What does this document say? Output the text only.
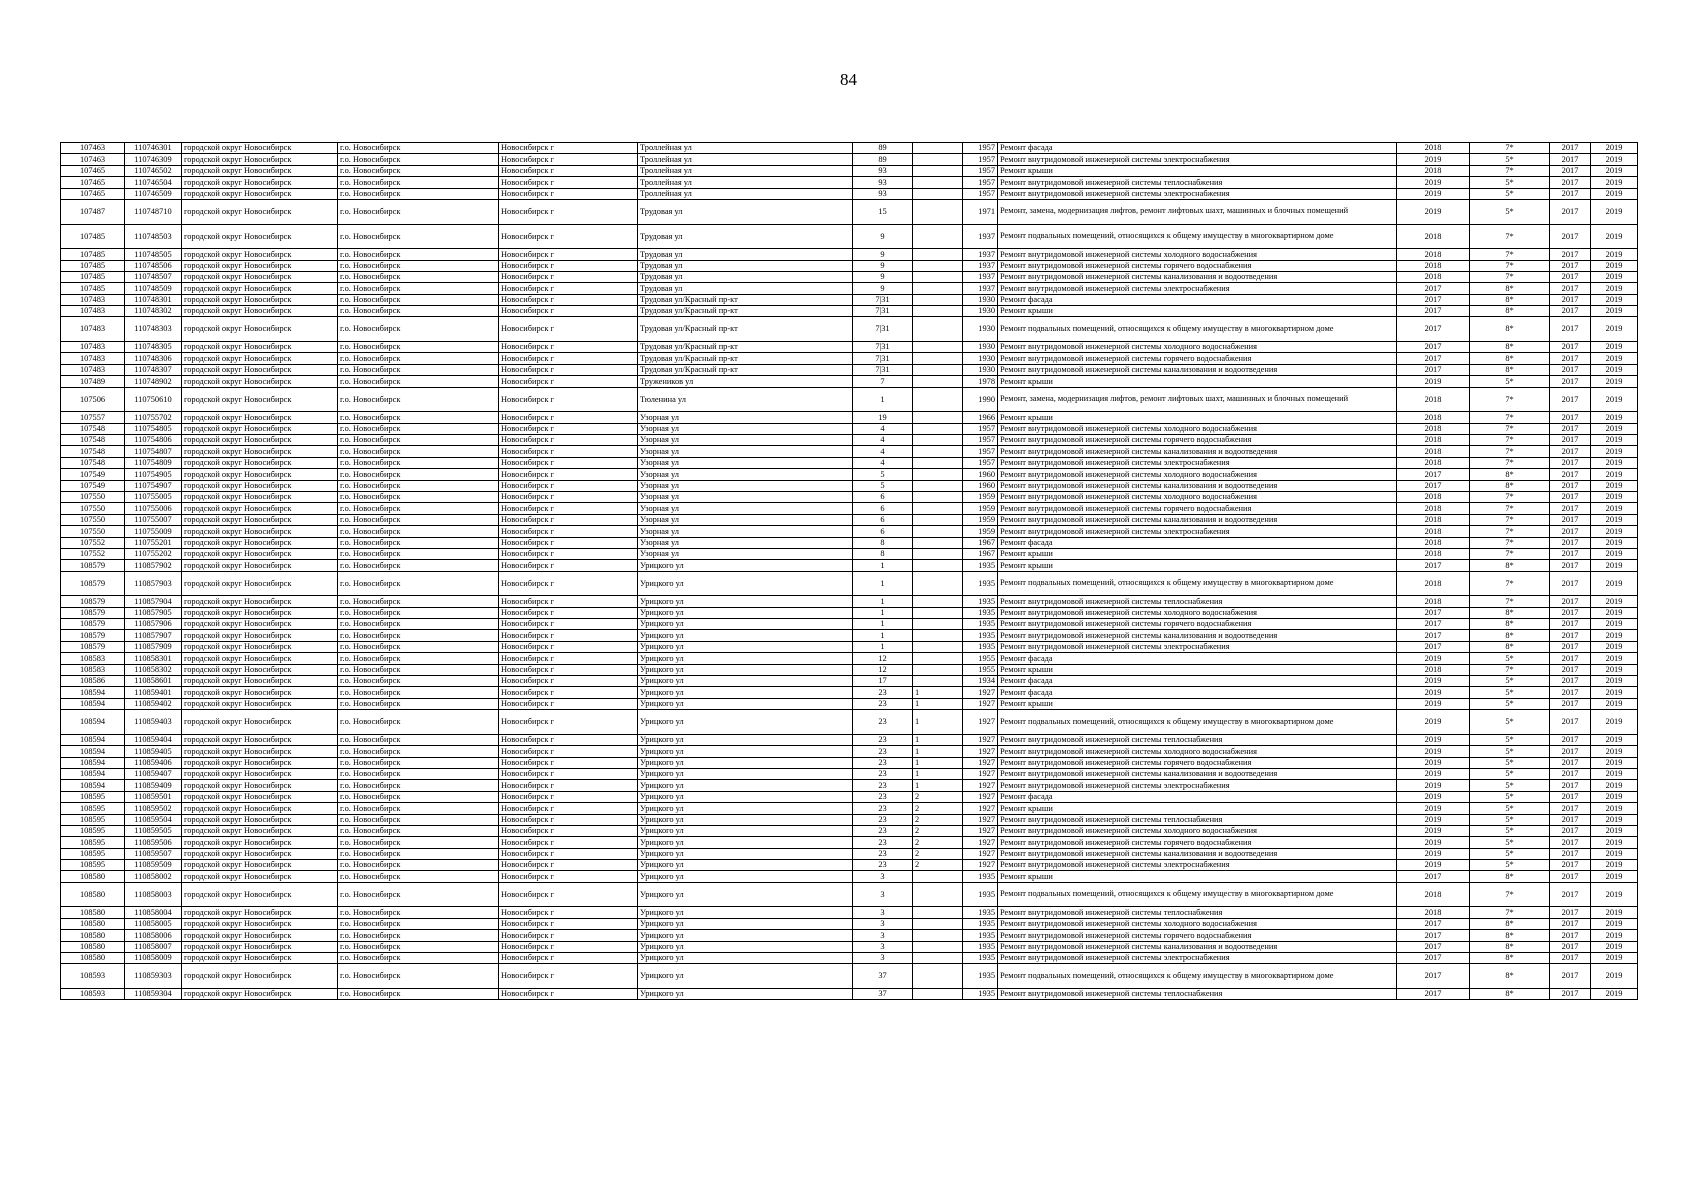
84
107463	110746301	городской округ Новосибирск	г.о. Новосибирск	Новосибирск г	Троллейная ул	89		1957	Ремонт фасада	2018	7*	2017	2019
107463	110746309	городской округ Новосибирск	г.о. Новосибирск	Новосибирск г	Троллейная ул	89		1957	Ремонт внутридомовой инженерной системы электроснабжения	2019	5*	2017	2019
107465	110746502	городской округ Новосибирск	г.о. Новосибирск	Новосибирск г	Троллейная ул	93		1957	Ремонт крыши	2018	7*	2017	2019
107465	110746504	городской округ Новосибирск	г.о. Новосибирск	Новосибирск г	Троллейная ул	93		1957	Ремонт внутридомовой инженерной системы теплоснабжения	2019	5*	2017	2019
107465	110746509	городской округ Новосибирск	г.о. Новосибирск	Новосибирск г	Троллейная ул	93		1957	Ремонт внутридомовой инженерной системы электроснабжения	2019	5*	2017	2019
107487	110748710	городской округ Новосибирск	г.о. Новосибирск	Новосибирск г	Трудовая ул	15		1971	Ремонт, замена, модернизация лифтов, ремонт лифтовых шахт, машинных и блочных помещений	2019	5*	2017	2019
107485	110748503	городской округ Новосибирск	г.о. Новосибирск	Новосибирск г	Трудовая ул	9		1937	Ремонт подвальных помещений, относящихся к общему имуществу в многоквартирном доме	2018	7*	2017	2019
107485	110748505	городской округ Новосибирск	г.о. Новосибирск	Новосибирск г	Трудовая ул	9		1937	Ремонт внутридомовой инженерной системы холодного водоснабжения	2018	7*	2017	2019
107485	110748506	городской округ Новосибирск	г.о. Новосибирск	Новосибирск г	Трудовая ул	9		1937	Ремонт внутридомовой инженерной системы горячего водоснабжения	2018	7*	2017	2019
107485	110748507	городской округ Новосибирск	г.о. Новосибирск	Новосибирск г	Трудовая ул	9		1937	Ремонт внутридомовой инженерной системы канализования и водоотведения	2018	7*	2017	2019
107485	110748509	городской округ Новосибирск	г.о. Новосибирск	Новосибирск г	Трудовая ул	9		1937	Ремонт внутридомовой инженерной системы электроснабжения	2017	8*	2017	2019
107483	110748301	городской округ Новосибирск	г.о. Новосибирск	Новосибирск г	Трудовая ул/Красный пр-кт	7|31		1930	Ремонт фасада	2017	8*	2017	2019
107483	110748302	городской округ Новосибирск	г.о. Новосибирск	Новосибирск г	Трудовая ул/Красный пр-кт	7|31		1930	Ремонт крыши	2017	8*	2017	2019
107483	110748303	городской округ Новосибирск	г.о. Новосибирск	Новосибирск г	Трудовая ул/Красный пр-кт	7|31		1930	Ремонт подвальных помещений, относящихся к общему имуществу в многоквартирном доме	2017	8*	2017	2019
107483	110748305	городской округ Новосибирск	г.о. Новосибирск	Новосибирск г	Трудовая ул/Красный пр-кт	7|31		1930	Ремонт внутридомовой инженерной системы холодного водоснабжения	2017	8*	2017	2019
107483	110748306	городской округ Новосибирск	г.о. Новосибирск	Новосибирск г	Трудовая ул/Красный пр-кт	7|31		1930	Ремонт внутридомовой инженерной системы горячего водоснабжения	2017	8*	2017	2019
107483	110748307	городской округ Новосибирск	г.о. Новосибирск	Новосибирск г	Трудовая ул/Красный пр-кт	7|31		1930	Ремонт внутридомовой инженерной системы канализования и водоотведения	2017	8*	2017	2019
107489	110748902	городской округ Новосибирск	г.о. Новосибирск	Новосибирск г	Тружеников ул	7		1978	Ремонт крыши	2019	5*	2017	2019
107506	110750610	городской округ Новосибирск	г.о. Новосибирск	Новосибирск г	Тюленина ул	1		1990	Ремонт, замена, модернизация лифтов, ремонт лифтовых шахт, машинных и блочных помещений	2018	7*	2017	2019
107557	110755702	городской округ Новосибирск	г.о. Новосибирск	Новосибирск г	Узорная ул	19		1966	Ремонт крыши	2018	7*	2017	2019
107548	110754805	городской округ Новосибирск	г.о. Новосибирск	Новосибирск г	Узорная ул	4		1957	Ремонт внутридомовой инженерной системы холодного водоснабжения	2018	7*	2017	2019
107548	110754806	городской округ Новосибирск	г.о. Новосибирск	Новосибирск г	Узорная ул	4		1957	Ремонт внутридомовой инженерной системы горячего водоснабжения	2018	7*	2017	2019
107548	110754807	городской округ Новосибирск	г.о. Новосибирск	Новосибирск г	Узорная ул	4		1957	Ремонт внутридомовой инженерной системы канализования и водоотведения	2018	7*	2017	2019
107548	110754809	городской округ Новосибирск	г.о. Новосибирск	Новосибирск г	Узорная ул	4		1957	Ремонт внутридомовой инженерной системы электроснабжения	2018	7*	2017	2019
107549	110754905	городской округ Новосибирск	г.о. Новосибирск	Новосибирск г	Узорная ул	5		1960	Ремонт внутридомовой инженерной системы холодного водоснабжения	2017	8*	2017	2019
107549	110754907	городской округ Новосибирск	г.о. Новосибирск	Новосибирск г	Узорная ул	5		1960	Ремонт внутридомовой инженерной системы канализования и водоотведения	2017	8*	2017	2019
107550	110755005	городской округ Новосибирск	г.о. Новосибирск	Новосибирск г	Узорная ул	6		1959	Ремонт внутридомовой инженерной системы холодного водоснабжения	2018	7*	2017	2019
107550	110755006	городской округ Новосибирск	г.о. Новосибирск	Новосибирск г	Узорная ул	6		1959	Ремонт внутридомовой инженерной системы горячего водоснабжения	2018	7*	2017	2019
107550	110755007	городской округ Новосибирск	г.о. Новосибирск	Новосибирск г	Узорная ул	6		1959	Ремонт внутридомовой инженерной системы канализования и водоотведения	2018	7*	2017	2019
107550	110755009	городской округ Новосибирск	г.о. Новосибирск	Новосибирск г	Узорная ул	6		1959	Ремонт внутридомовой инженерной системы электроснабжения	2018	7*	2017	2019
107552	110755201	городской округ Новосибирск	г.о. Новосибирск	Новосибирск г	Узорная ул	8		1967	Ремонт фасада	2018	7*	2017	2019
107552	110755202	городской округ Новосибирск	г.о. Новосибирск	Новосибирск г	Узорная ул	8		1967	Ремонт крыши	2018	7*	2017	2019
108579	110857902	городской округ Новосибирск	г.о. Новосибирск	Новосибирск г	Урицкого ул	1		1935	Ремонт крыши	2017	8*	2017	2019
108579	110857903	городской округ Новосибирск	г.о. Новосибирск	Новосибирск г	Урицкого ул	1		1935	Ремонт подвальных помещений, относящихся к общему имуществу в многоквартирном доме	2018	7*	2017	2019
108579	110857904	городской округ Новосибирск	г.о. Новосибирск	Новосибирск г	Урицкого ул	1		1935	Ремонт внутридомовой инженерной системы теплоснабжения	2018	7*	2017	2019
108579	110857905	городской округ Новосибирск	г.о. Новосибирск	Новосибирск г	Урицкого ул	1		1935	Ремонт внутридомовой инженерной системы холодного водоснабжения	2017	8*	2017	2019
108579	110857906	городской округ Новосибирск	г.о. Новосибирск	Новосибирск г	Урицкого ул	1		1935	Ремонт внутридомовой инженерной системы горячего водоснабжения	2017	8*	2017	2019
108579	110857907	городской округ Новосибирск	г.о. Новосибирск	Новосибирск г	Урицкого ул	1		1935	Ремонт внутридомовой инженерной системы канализования и водоотведения	2017	8*	2017	2019
108579	110857909	городской округ Новосибирск	г.о. Новосибирск	Новосибирск г	Урицкого ул	1		1935	Ремонт внутридомовой инженерной системы электроснабжения	2017	8*	2017	2019
108583	110858301	городской округ Новосибирск	г.о. Новосибирск	Новосибирск г	Урицкого ул	12		1955	Ремонт фасада	2019	5*	2017	2019
108583	110858302	городской округ Новосибирск	г.о. Новосибирск	Новосибирск г	Урицкого ул	12		1955	Ремонт крыши	2018	7*	2017	2019
108586	110858601	городской округ Новосибирск	г.о. Новосибирск	Новосибирск г	Урицкого ул	17		1934	Ремонт фасада	2019	5*	2017	2019
108594	110859401	городской округ Новосибирск	г.о. Новосибирск	Новосибирск г	Урицкого ул	23	1	1927	Ремонт фасада	2019	5*	2017	2019
108594	110859402	городской округ Новосибирск	г.о. Новосибирск	Новосибирск г	Урицкого ул	23	1	1927	Ремонт крыши	2019	5*	2017	2019
108594	110859403	городской округ Новосибирск	г.о. Новосибирск	Новосибирск г	Урицкого ул	23	1	1927	Ремонт подвальных помещений, относящихся к общему имуществу в многоквартирном доме	2019	5*	2017	2019
108594	110859404	городской округ Новосибирск	г.о. Новосибирск	Новосибирск г	Урицкого ул	23	1	1927	Ремонт внутридомовой инженерной системы теплоснабжения	2019	5*	2017	2019
108594	110859405	городской округ Новосибирск	г.о. Новосибирск	Новосибирск г	Урицкого ул	23	1	1927	Ремонт внутридомовой инженерной системы холодного водоснабжения	2019	5*	2017	2019
108594	110859406	городской округ Новосибирск	г.о. Новосибирск	Новосибирск г	Урицкого ул	23	1	1927	Ремонт внутридомовой инженерной системы горячего водоснабжения	2019	5*	2017	2019
108594	110859407	городской округ Новосибирск	г.о. Новосибирск	Новосибирск г	Урицкого ул	23	1	1927	Ремонт внутридомовой инженерной системы канализования и водоотведения	2019	5*	2017	2019
108594	110859409	городской округ Новосибирск	г.о. Новосибирск	Новосибирск г	Урицкого ул	23	1	1927	Ремонт внутридомовой инженерной системы электроснабжения	2019	5*	2017	2019
108595	110859501	городской округ Новосибирск	г.о. Новосибирск	Новосибирск г	Урицкого ул	23	2	1927	Ремонт фасада	2019	5*	2017	2019
108595	110859502	городской округ Новосибирск	г.о. Новосибирск	Новосибирск г	Урицкого ул	23	2	1927	Ремонт крыши	2019	5*	2017	2019
108595	110859504	городской округ Новосибирск	г.о. Новосибирск	Новосибирск г	Урицкого ул	23	2	1927	Ремонт внутридомовой инженерной системы теплоснабжения	2019	5*	2017	2019
108595	110859505	городской округ Новосибирск	г.о. Новосибирск	Новосибирск г	Урицкого ул	23	2	1927	Ремонт внутридомовой инженерной системы холодного водоснабжения	2019	5*	2017	2019
108595	110859506	городской округ Новосибирск	г.о. Новосибирск	Новосибирск г	Урицкого ул	23	2	1927	Ремонт внутридомовой инженерной системы горячего водоснабжения	2019	5*	2017	2019
108595	110859507	городской округ Новосибирск	г.о. Новосибирск	Новосибирск г	Урицкого ул	23	2	1927	Ремонт внутридомовой инженерной системы канализования и водоотведения	2019	5*	2017	2019
108595	110859509	городской округ Новосибирск	г.о. Новосибирск	Новосибирск г	Урицкого ул	23	2	1927	Ремонт внутридомовой инженерной системы электроснабжения	2019	5*	2017	2019
108580	110858002	городской округ Новосибирск	г.о. Новосибирск	Новосибирск г	Урицкого ул	3		1935	Ремонт крыши	2017	8*	2017	2019
108580	110858003	городской округ Новосибирск	г.о. Новосибирск	Новосибирск г	Урицкого ул	3		1935	Ремонт подвальных помещений, относящихся к общему имуществу в многоквартирном доме	2018	7*	2017	2019
108580	110858004	городской округ Новосибирск	г.о. Новосибирск	Новосибирск г	Урицкого ул	3		1935	Ремонт внутридомовой инженерной системы теплоснабжения	2018	7*	2017	2019
108580	110858005	городской округ Новосибирск	г.о. Новосибирск	Новосибирск г	Урицкого ул	3		1935	Ремонт внутридомовой инженерной системы холодного водоснабжения	2017	8*	2017	2019
108580	110858006	городской округ Новосибирск	г.о. Новосибирск	Новосибирск г	Урицкого ул	3		1935	Ремонт внутридомовой инженерной системы горячего водоснабжения	2017	8*	2017	2019
108580	110858007	городской округ Новосибирск	г.о. Новосибирск	Новосибирск г	Урицкого ул	3		1935	Ремонт внутридомовой инженерной системы канализования и водоотведения	2017	8*	2017	2019
108580	110858009	городской округ Новосибирск	г.о. Новосибирск	Новосибирск г	Урицкого ул	3		1935	Ремонт внутридомовой инженерной системы электроснабжения	2017	8*	2017	2019
108593	110859303	городской округ Новосибирск	г.о. Новосибирск	Новосибирск г	Урицкого ул	37		1935	Ремонт подвальных помещений, относящихся к общему имуществу в многоквартирном доме	2017	8*	2017	2019
108593	110859304	городской округ Новосибирск	г.о. Новосибирск	Новосибирск г	Урицкого ул	37		1935	Ремонт внутридомовой инженерной системы теплоснабжения	2017	8*	2017	2019
